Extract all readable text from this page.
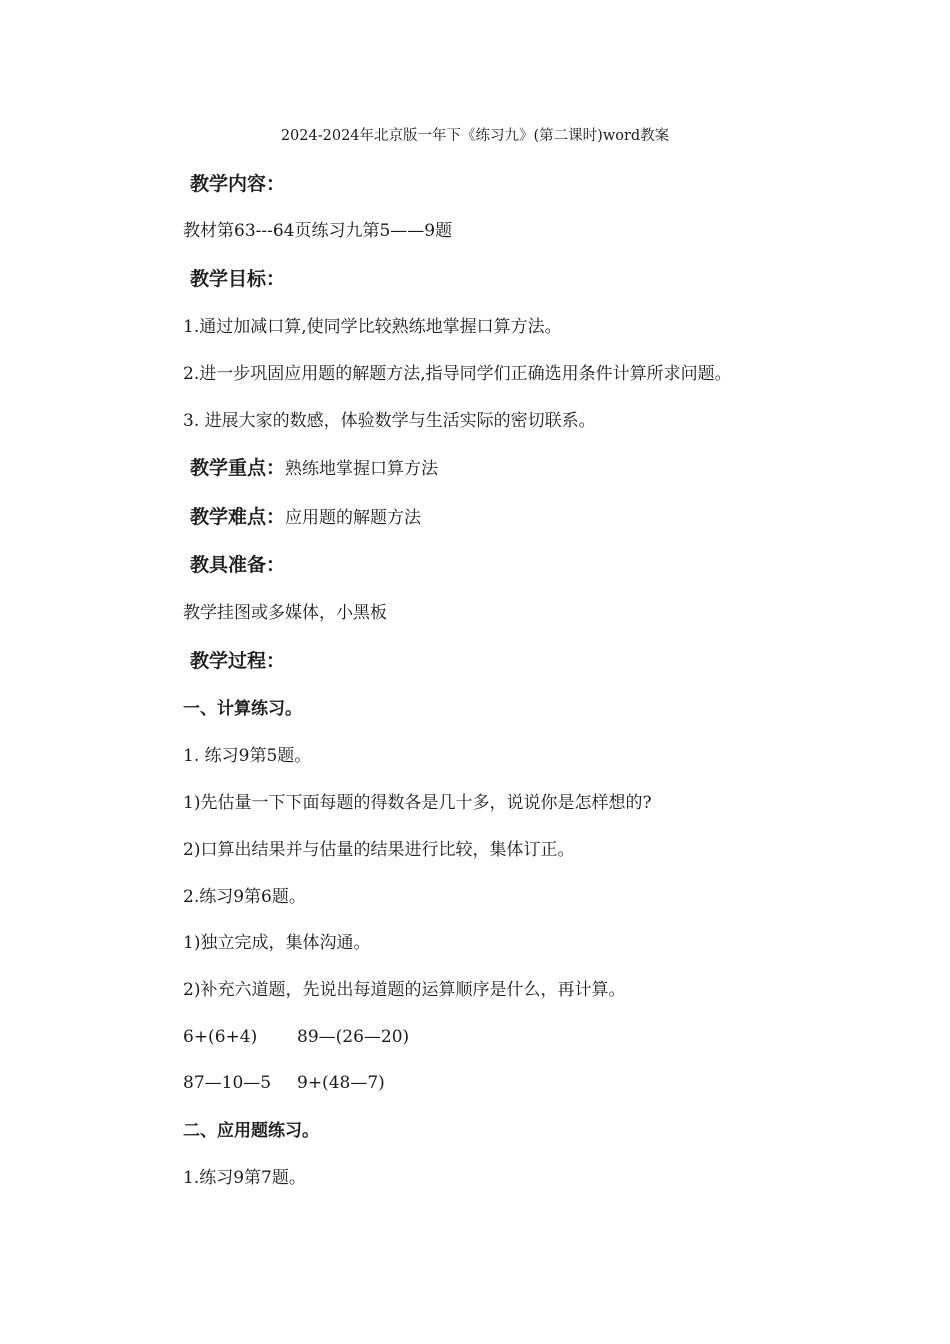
2024-2024年北京版一年下《练习九》(第二课时)word教案
教学内容：
教材第63---64页练习九第5——9题
教学目标：
1.通过加减口算,使同学比较熟练地掌握口算方法。
2.进一步巩固应用题的解题方法,指导同学们正确选用条件计算所求问题。
3. 进展大家的数感，体验数学与生活实际的密切联系。
教学重点：熟练地掌握口算方法
教学难点：应用题的解题方法
教具准备：
教学挂图或多媒体，小黑板
教学过程：
一、计算练习。
1. 练习9第5题。
1)先估量一下下面每题的得数各是几十多，说说你是怎样想的?
2)口算出结果并与估量的结果进行比较，集体订正。
2.练习9第6题。
1)独立完成，集体沟通。
2)补充六道题，先说出每道题的运算顺序是什么，再计算。
6+(6+4) 89—(26—20)
87—10—5 9+(48—7)
二、应用题练习。
1.练习9第7题。
